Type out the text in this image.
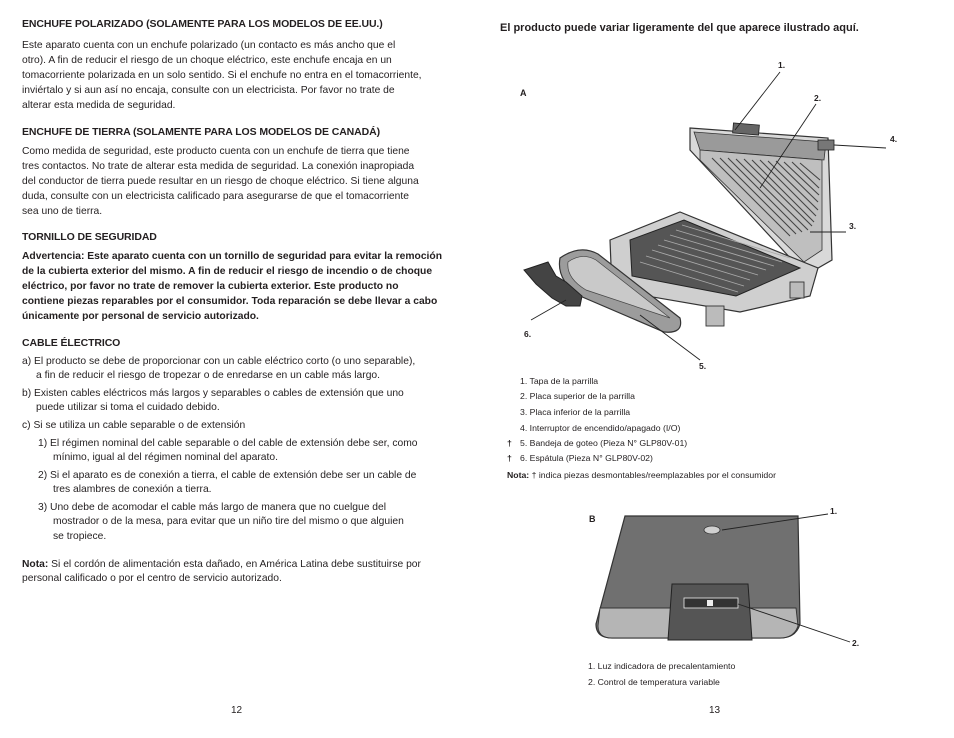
ENCHUFE POLARIZADO (SOLAMENTE PARA LOS MODELOS DE EE.UU.)
Este aparato cuenta con un enchufe polarizado (un contacto es más ancho que el
otro). A fin de reducir el riesgo de un choque eléctrico, este enchufe encaja en un
tomacorriente polarizada en un solo sentido. Si el enchufe no entra en el tomacorriente,
inviértalo y si aun así no encaja, consulte con un electricista. Por favor no trate de
alterar esta medida de seguridad.
ENCHUFE DE TIERRA (SOLAMENTE PARA LOS MODELOS DE CANADÁ)
Como medida de seguridad, este producto cuenta con un enchufe de tierra que tiene
tres contactos. No trate de alterar esta medida de seguridad. La conexión inapropiada
del conductor de tierra puede resultar en un riesgo de choque eléctrico. Si tiene alguna
duda, consulte con un electricista calificado para asegurarse de que el tomacorriente
sea uno de tierra.
TORNILLO DE SEGURIDAD
Advertencia: Este aparato cuenta con un tornillo de seguridad para evitar la remoción
de la cubierta exterior del mismo. A fin de reducir el riesgo de incendio o de choque
eléctrico, por favor no trate de remover la cubierta exterior. Este producto no
contiene piezas reparables por el consumidor. Toda reparación se debe llevar a cabo
únicamente por personal de servicio autorizado.
CABLE ÉLECTRICO
a) El producto se debe de proporcionar con un cable eléctrico corto (o uno separable),
a fin de reducir el riesgo de tropezar o de enredarse en un cable más largo.
b) Existen cables eléctricos más largos y separables o cables de extensión que uno
puede utilizar si toma el cuidado debido.
c) Si se utiliza un cable separable o de extensión
1) El régimen nominal del cable separable o del cable de extensión debe ser, como
mínimo, igual al del régimen nominal del aparato.
2) Si el aparato es de conexión a tierra, el cable de extensión debe ser un cable de
tres alambres de conexión a tierra.
3) Uno debe de acomodar el cable más largo de manera que no cuelgue del
mostrador o de la mesa, para evitar que un niño tire del mismo o que alguien
se tropiece.
Nota: Si el cordón de alimentación esta dañado, en América Latina debe sustituirse por
personal calificado o por el centro de servicio autorizado.
12
El producto puede variar ligeramente del que aparece ilustrado aquí.
A
1.
2.
3.
4.
5.
6.
1. Tapa de la parrilla
2. Placa superior de la parrilla
3. Placa inferior de la parrilla
4. Interruptor de encendido/apagado (I/O)
† 5. Bandeja de goteo (Pieza N° GLP80V-01)
† 6. Espátula (Pieza N° GLP80V-02)
Nota: † indica piezas desmontables/reemplazables por el consumidor
B
1.
2.
1. Luz indicadora de precalentamiento
2. Control de temperatura variable
13
